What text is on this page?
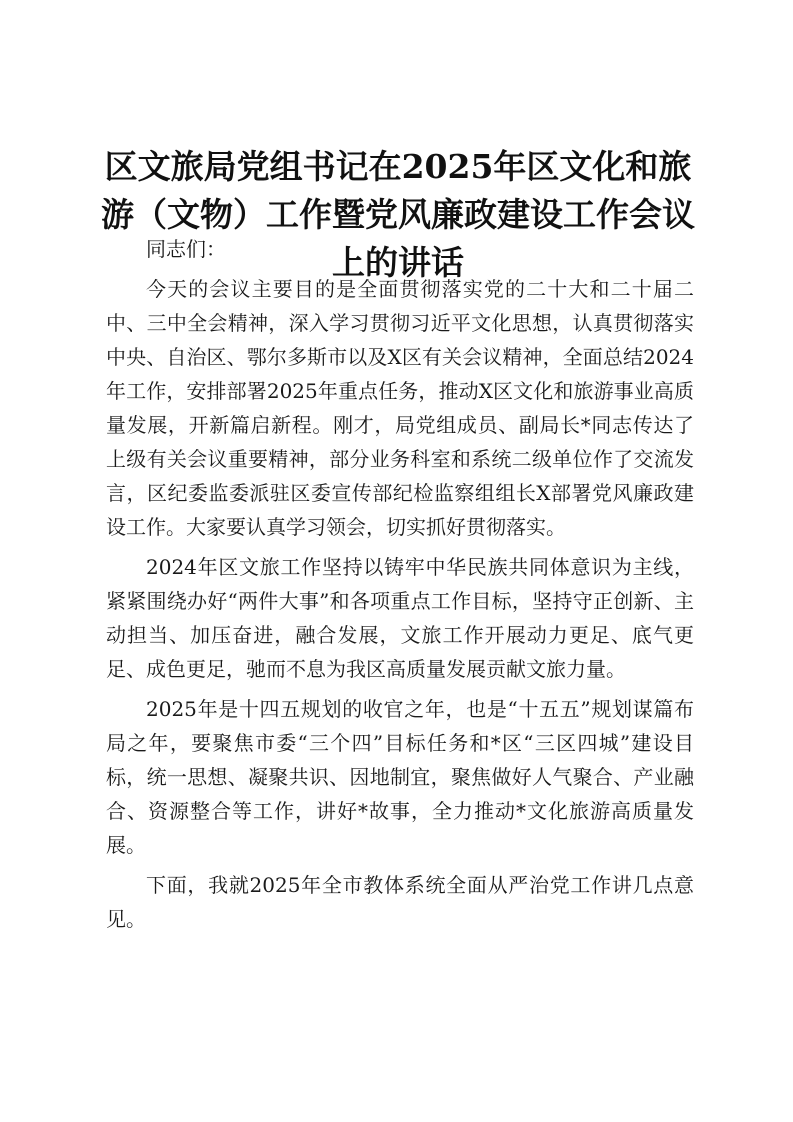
区文旅局党组书记在2025年区文化和旅游（文物）工作暨党风廉政建设工作会议上的讲话

同志们：

今天的会议主要目的是全面贯彻落实党的二十大和二十届二中、三中全会精神，深入学习贯彻习近平文化思想，认真贯彻落实中央、自治区、鄂尔多斯市以及X区有关会议精神，全面总结2024年工作，安排部署2025年重点任务，推动X区文化和旅游事业高质量发展，开新篇启新程。刚才，局党组成员、副局长*同志传达了上级有关会议重要精神，部分业务科室和系统二级单位作了交流发言，区纪委监委派驻区委宣传部纪检监察组组长X部署党风廉政建设工作。大家要认真学习领会，切实抓好贯彻落实。

2024年区文旅工作坚持以铸牢中华民族共同体意识为主线，紧紧围绕办好“两件大事”和各项重点工作目标，坚持守正创新、主动担当、加压奋进，融合发展，文旅工作开展动力更足、底气更足、成色更足，驰而不息为我区高质量发展贡献文旅力量。

2025年是十四五规划的收官之年，也是“十五五”规划谋篇布局之年，要聚焦市委“三个四”目标任务和*区“三区四城”建设目标，统一思想、凝聚共识、因地制宜，聚焦做好人气聚合、产业融合、资源整合等工作，讲好*故事，全力推动*文化旅游高质量发展。

下面，我就2025年全市教体系统全面从严治党工作讲几点意见。
